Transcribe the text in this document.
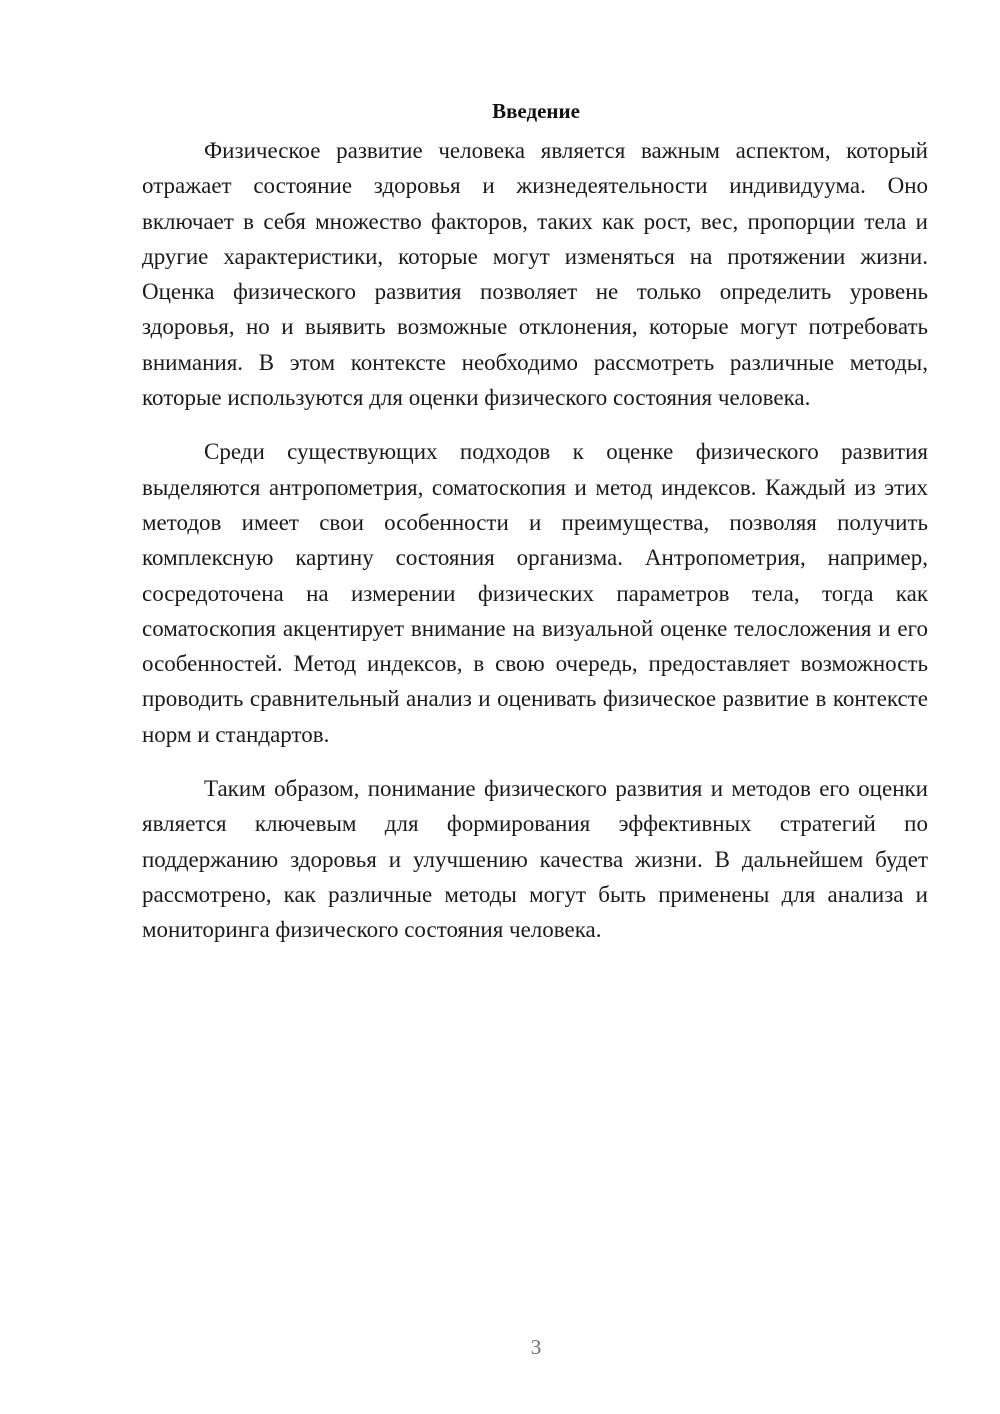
Введение

Физическое развитие человека является важным аспектом, который отражает состояние здоровья и жизнедеятельности индивидуума. Оно включает в себя множество факторов, таких как рост, вес, пропорции тела и другие характеристики, которые могут изменяться на протяжении жизни. Оценка физического развития позволяет не только определить уровень здоровья, но и выявить возможные отклонения, которые могут потребовать внимания. В этом контексте необходимо рассмотреть различные методы, которые используются для оценки физического состояния человека.

Среди существующих подходов к оценке физического развития выделяются антропометрия, соматоскопия и метод индексов. Каждый из этих методов имеет свои особенности и преимущества, позволяя получить комплексную картину состояния организма. Антропометрия, например, сосредоточена на измерении физических параметров тела, тогда как соматоскопия акцентирует внимание на визуальной оценке телосложения и его особенностей. Метод индексов, в свою очередь, предоставляет возможность проводить сравнительный анализ и оценивать физическое развитие в контексте норм и стандартов.

Таким образом, понимание физического развития и методов его оценки является ключевым для формирования эффективных стратегий по поддержанию здоровья и улучшению качества жизни. В дальнейшем будет рассмотрено, как различные методы могут быть применены для анализа и мониторинга физического состояния человека.

3
